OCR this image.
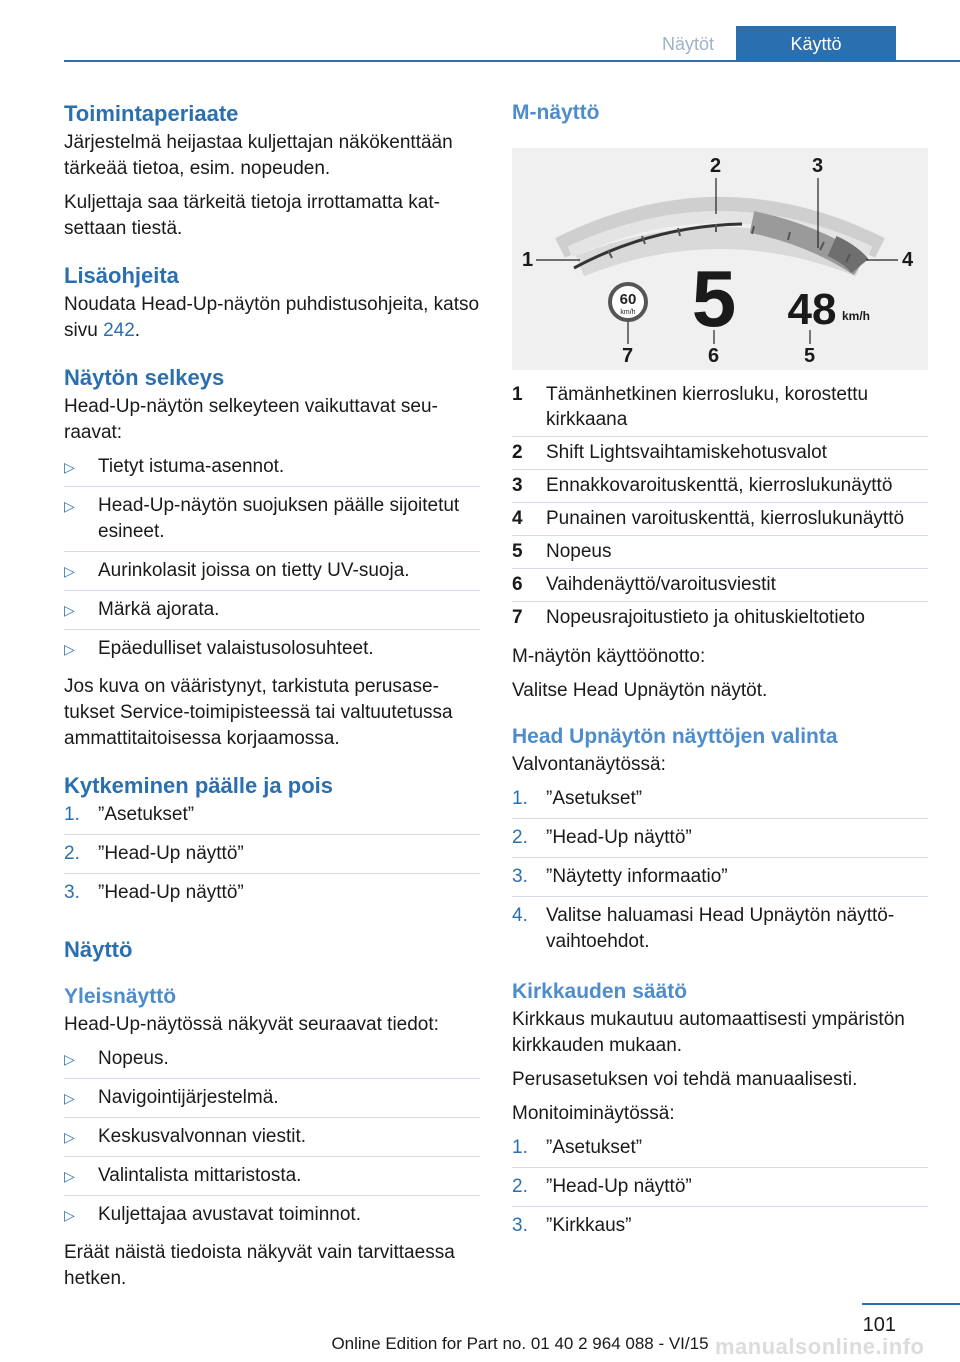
Näytöt	Käyttö
Toimintaperiaate

Järjestelmä heijastaa kuljettajan näkökenttään tärkeää tietoa, esim. nopeuden.

Kuljettaja saa tärkeitä tietoja irrottamatta katsettaan tiestä.

Lisäohjeita

Noudata Head-Up-näytön puhdistusohjeita, katso sivu 242.

Näytön selkeys

Head-Up-näytön selkeyteen vaikuttavat seuraavat:

▷ Tietyt istuma-asennot.
▷ Head-Up-näytön suojuksen päälle sijoitetut esineet.
▷ Aurinkolasit joissa on tietty UV-suoja.
▷ Märkä ajorata.
▷ Epäedulliset valaistusolosuhteet.

Jos kuva on vääristynyt, tarkistuta perusasetukset Service-toimipisteessä tai valtuutetussa ammattitaitoisessa korjaamossa.

Kytkeminen päälle ja pois
1. ”Asetukset”
2. ”Head-Up näyttö”
3. ”Head-Up näyttö”
Näyttö
Yleisnäyttö

Head-Up-näytössä näkyvät seuraavat tiedot:

▷ Nopeus.
▷ Navigointijärjestelmä.
▷ Keskusvalvonnan viestit.
▷ Valintalista mittaristosta.
▷ Kuljettajaa avustavat toiminnot.

Eräät näistä tiedoista näkyvät vain tarvittaessa hetken.

M-näyttö
1
2	3
4
5
6
7
60
km/h 5 48 km/h
1 Tämänhetkinen kierrosluku, korostettu kirkkaana
2 Shift Lightsvaihtamiskehotusvalot
3 Ennakkovaroituskenttä, kierroslukunäyttö
4 Punainen varoituskenttä, kierroslukunäyttö
5 Nopeus
6 Vaihdenäyttö/varoitusviestit
7 Nopeusrajoitustieto ja ohituskieltotieto

M-näytön käyttöönotto:

Valitse Head Upnäytön näytöt.

Head Upnäytön näyttöjen valinta

Valvontanäytössä:

1. ”Asetukset”
2. ”Head-Up näyttö”
3. ”Näytetty informaatio”
4. Valitse haluamasi Head Upnäytön näyttövaihtoehdot.
Kirkkauden säätö

Kirkkaus mukautuu automaattisesti ympäristön kirkkauden mukaan.

Perusasetuksen voi tehdä manuaalisesti.

Monitoiminäytössä:

1. ”Asetukset”
2. ”Head-Up näyttö”
3. ”Kirkkaus”
101
Online Edition for Part no. 01 40 2 964 088 - VI/15 manualsonline.info
